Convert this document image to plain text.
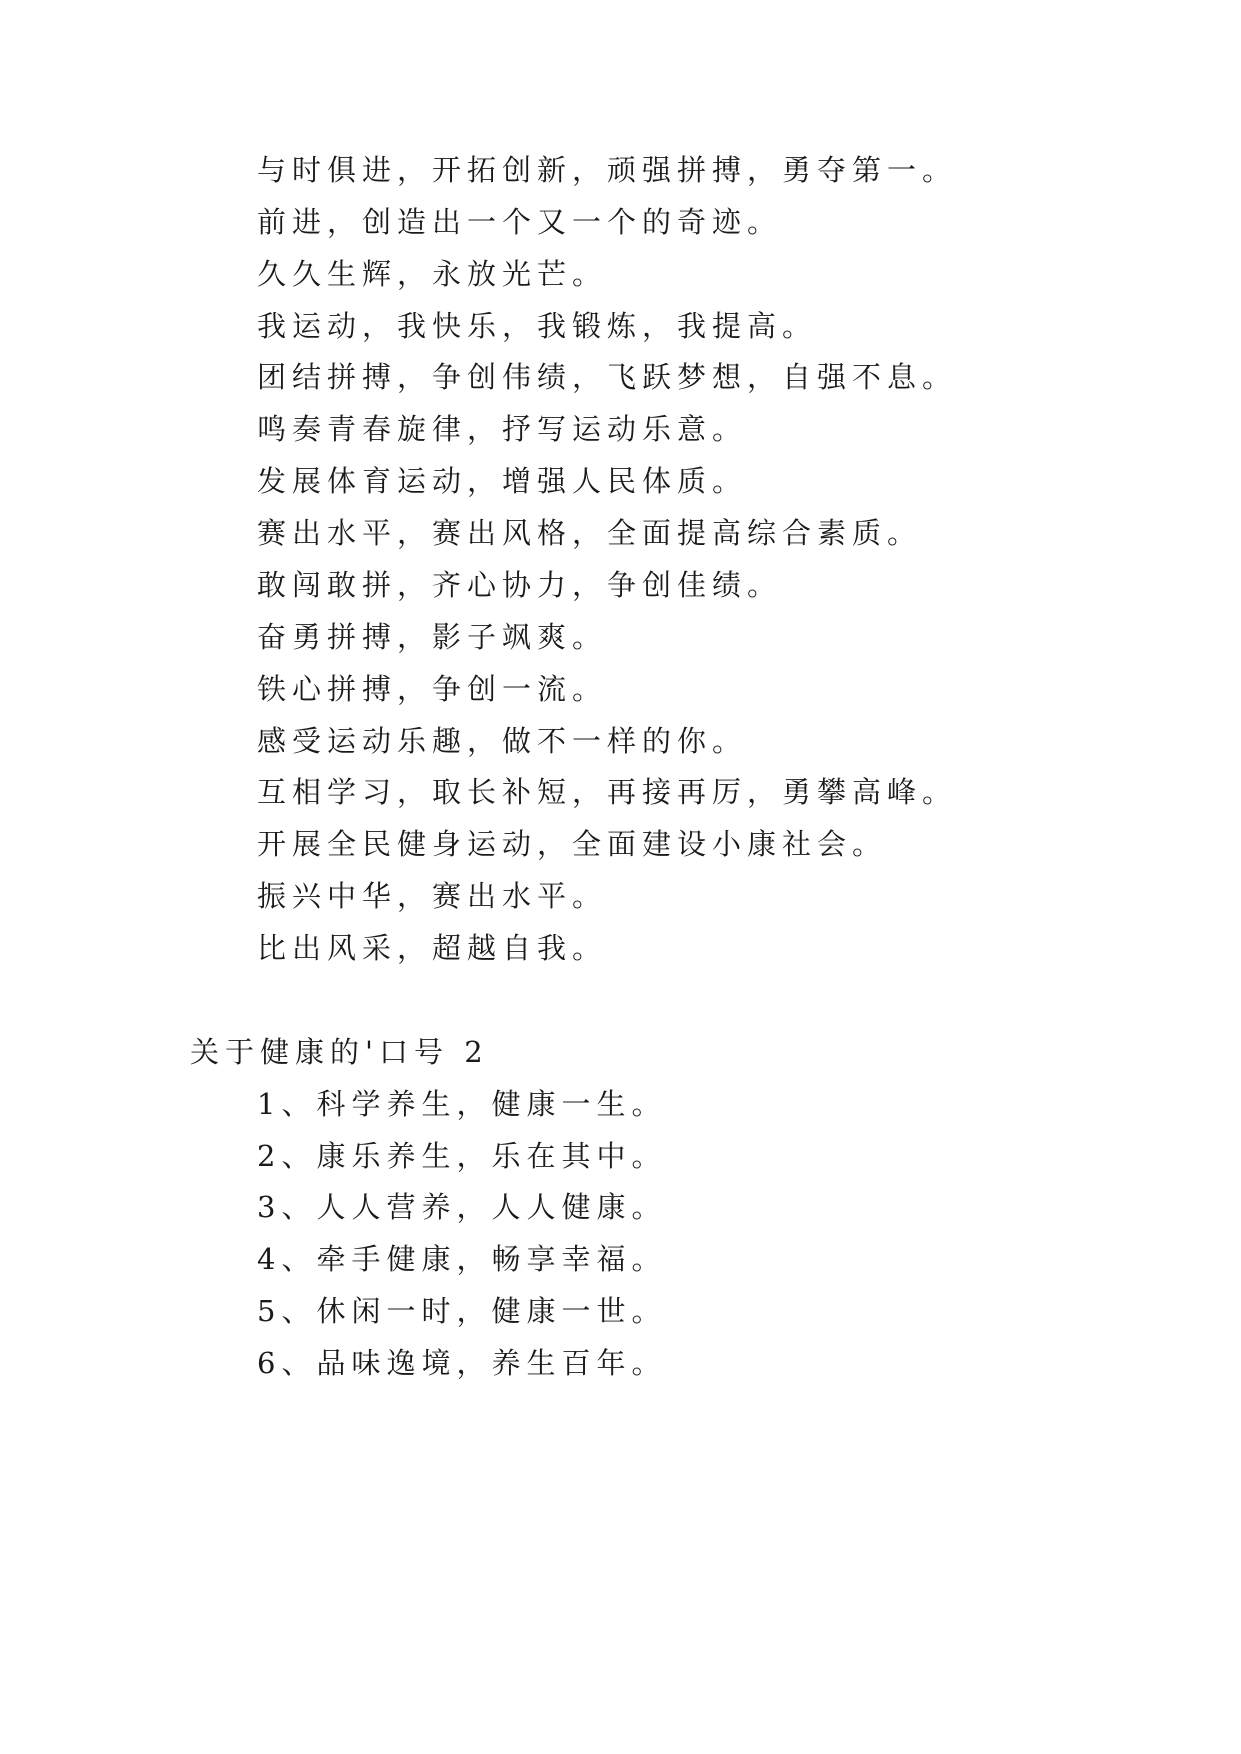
与时俱进，开拓创新，顽强拼搏，勇夺第一。
前进，创造出一个又一个的奇迹。
久久生辉，永放光芒。
我运动，我快乐，我锻炼，我提高。
团结拼搏，争创伟绩，飞跃梦想，自强不息。
鸣奏青春旋律，抒写运动乐意。
发展体育运动，增强人民体质。
赛出水平，赛出风格，全面提高综合素质。
敢闯敢拼，齐心协力，争创佳绩。
奋勇拼搏，影子飒爽。
铁心拼搏，争创一流。
感受运动乐趣，做不一样的你。
互相学习，取长补短，再接再厉，勇攀高峰。
开展全民健身运动，全面建设小康社会。
振兴中华，赛出水平。
比出风采，超越自我。
关于健康的'口号 2
1、科学养生，健康一生。
2、康乐养生，乐在其中。
3、人人营养，人人健康。
4、牵手健康，畅享幸福。
5、休闲一时，健康一世。
6、品味逸境，养生百年。
